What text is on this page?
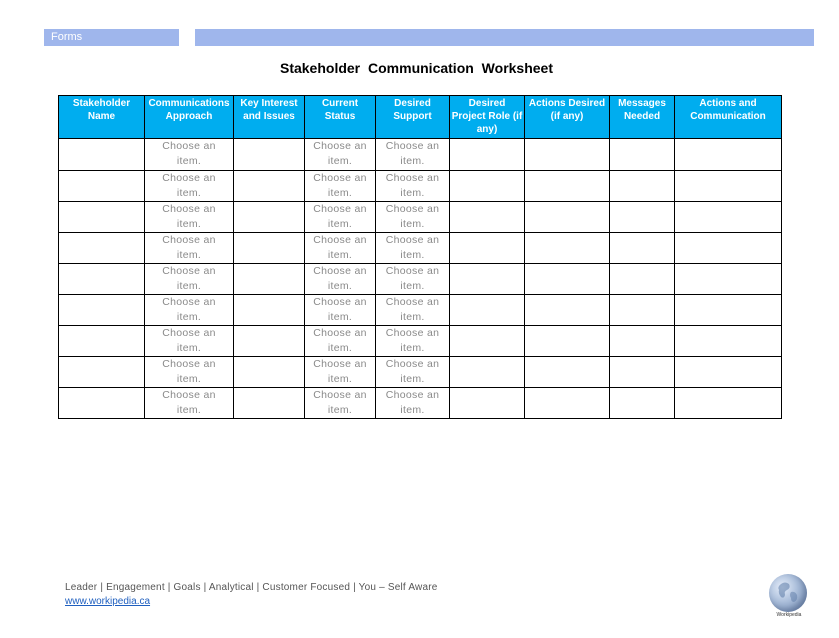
Forms
Stakeholder Communication Worksheet
Stakeholder Name	Communications Approach	Key Interest and Issues	Current Status	Desired Support	Desired Project Role (if any)	Actions Desired (if any)	Messages Needed	Actions and Communication

	Choose an item.		Choose an item.	Choose an item.				

	Choose an item.		Choose an item.	Choose an item.				

	Choose an item.		Choose an item.	Choose an item.				

	Choose an item.		Choose an item.	Choose an item.				

	Choose an item.		Choose an item.	Choose an item.				

	Choose an item.		Choose an item.	Choose an item.				

	Choose an item.		Choose an item.	Choose an item.				

	Choose an item.		Choose an item.	Choose an item.				

	Choose an item.		Choose an item.	Choose an item.				

Leader | Engagement | Goals | Analytical | Customer Focused | You – Self Aware
www.workipedia.ca
Workipedia
